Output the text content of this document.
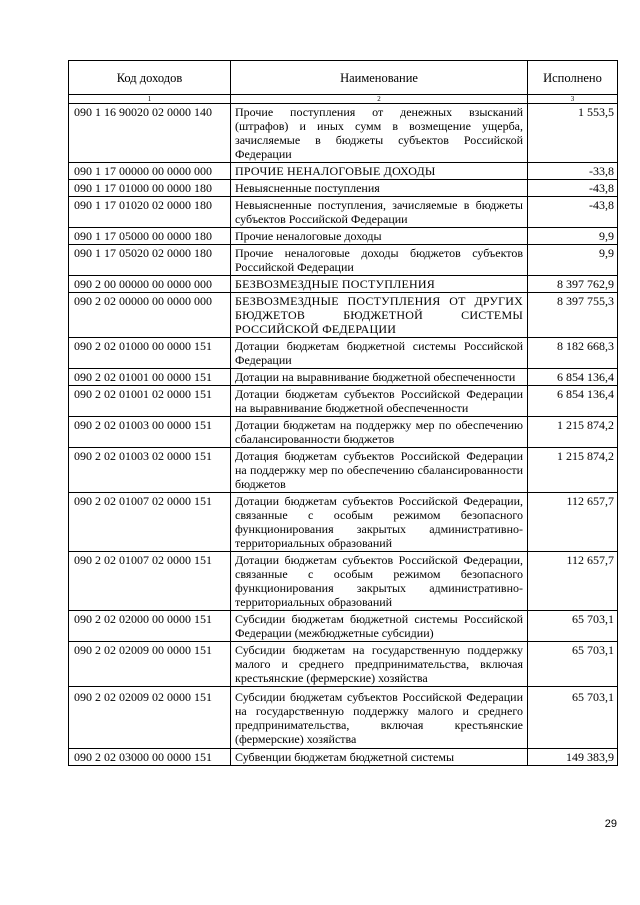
Код доходов	Наименование	Исполнено
1	2	3
090 1 16 90020 02 0000 140	Прочие поступления от денежных взысканий (штрафов) и иных сумм в возмещение ущерба, зачисляемые в бюджеты субъектов Российской Федерации	1 553,5
090 1 17 00000 00 0000 000	ПРОЧИЕ НЕНАЛОГОВЫЕ ДОХОДЫ	-33,8
090 1 17 01000 00 0000 180	Невыясненные поступления	-43,8
090 1 17 01020 02 0000 180	Невыясненные поступления, зачисляемые в бюджеты субъектов Российской Федерации	-43,8
090 1 17 05000 00 0000 180	Прочие неналоговые доходы	9,9
090 1 17 05020 02 0000 180	Прочие неналоговые доходы бюджетов субъектов Российской Федерации	9,9
090 2 00 00000 00 0000 000	БЕЗВОЗМЕЗДНЫЕ ПОСТУПЛЕНИЯ	8 397 762,9
090 2 02 00000 00 0000 000	БЕЗВОЗМЕЗДНЫЕ ПОСТУПЛЕНИЯ ОТ ДРУГИХ БЮДЖЕТОВ БЮДЖЕТНОЙ СИСТЕМЫ РОССИЙСКОЙ ФЕДЕРАЦИИ	8 397 755,3
090 2 02 01000 00 0000 151	Дотации бюджетам бюджетной системы Российской Федерации	8 182 668,3
090 2 02 01001 00 0000 151	Дотации на выравнивание бюджетной обеспеченности	6 854 136,4
090 2 02 01001 02 0000 151	Дотации бюджетам субъектов Российской Федерации на выравнивание бюджетной обеспеченности	6 854 136,4
090 2 02 01003 00 0000 151	Дотации бюджетам на поддержку мер по обеспечению сбалансированности бюджетов	1 215 874,2
090 2 02 01003 02 0000 151	Дотация бюджетам субъектов Российской Федерации на поддержку мер по обеспечению сбалансированности бюджетов	1 215 874,2
090 2 02 01007 02 0000 151	Дотации бюджетам субъектов Российской Федерации, связанные с особым режимом безопасного функционирования закрытых административно-территориальных образований	112 657,7
090 2 02 01007 02 0000 151	Дотации бюджетам субъектов Российской Федерации, связанные с особым режимом безопасного функционирования закрытых административно-территориальных образований	112 657,7
090 2 02 02000 00 0000 151	Субсидии бюджетам бюджетной системы Российской Федерации (межбюджетные субсидии)	65 703,1
090 2 02 02009 00 0000 151	Субсидии бюджетам на государственную поддержку малого и среднего предпринимательства, включая крестьянские (фермерские) хозяйства	65 703,1
090 2 02 02009 02 0000 151	Субсидии бюджетам субъектов Российской Федерации на государственную поддержку малого и среднего предпринимательства, включая крестьянские (фермерские) хозяйства	65 703,1
090 2 02 03000 00 0000 151	Субвенции бюджетам бюджетной системы	149 383,9
29
